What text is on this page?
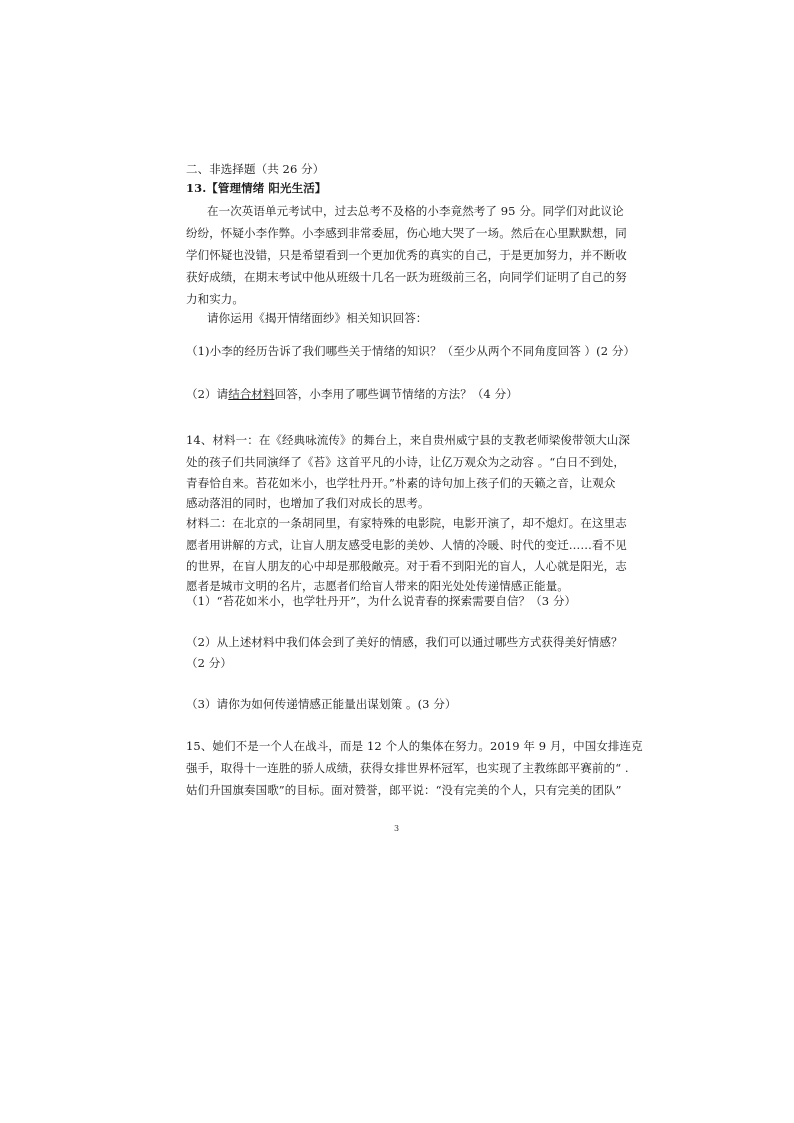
二、非选择题（共 26 分）
13.【管理情绪 阳光生活】
在一次英语单元考试中，过去总考不及格的小李竟然考了 95 分。同学们对此议论
纷纷，怀疑小李作弊。小李感到非常委屈，伤心地大哭了一场。然后在心里默默想，同
学们怀疑也没错，只是希望看到一个更加优秀的真实的自己，于是更加努力，并不断收
获好成绩，在期末考试中他从班级十几名一跃为班级前三名，向同学们证明了自己的努
力和实力。
请你运用《揭开情绪面纱》相关知识回答：
（1)小李的经历告诉了我们哪些关于情绪的知识？（至少从两个不同角度回答 ）(2 分）
（2）请结合材料回答，小李用了哪些调节情绪的方法？（4 分）
14、材料一：在《经典咏流传》的舞台上，来自贵州威宁县的支教老师梁俊带领大山深
处的孩子们共同演绎了《苔》这首平凡的小诗，让亿万观众为之动容 。“白日不到处，
青春恰自来。苔花如米小，也学牡丹开。”朴素的诗句加上孩子们的天籁之音，让观众
感动落泪的同时，也增加了我们对成长的思考。
材料二：在北京的一条胡同里，有家特殊的电影院，电影开演了，却不熄灯。在这里志
愿者用讲解的方式，让盲人朋友感受电影的美妙、人情的冷暖、时代的变迁……看不见
的世界，在盲人朋友的心中却是那般敞亮。对于看不到阳光的盲人，人心就是阳光，志
愿者是城市文明的名片，志愿者们给盲人带来的阳光处处传递情感正能量。
（1）“苔花如米小，也学牡丹开”，为什么说青春的探索需要自信？（3 分）
（2）从上述材料中我们体会到了美好的情感，我们可以通过哪些方式获得美好情感？
（2 分）
（3）请你为如何传递情感正能量出谋划策 。(3 分）
15、她们不是一个人在战斗，而是 12 个人的集体在努力。2019 年 9 月，中国女排连克
强手，取得十一连胜的骄人成绩，获得女排世界杯冠军，也实现了主教练郎平赛前的“ .
姑们升国旗奏国歌”的目标。面对赞誉，郎平说：“没有完美的个人，只有完美的团队”
3
